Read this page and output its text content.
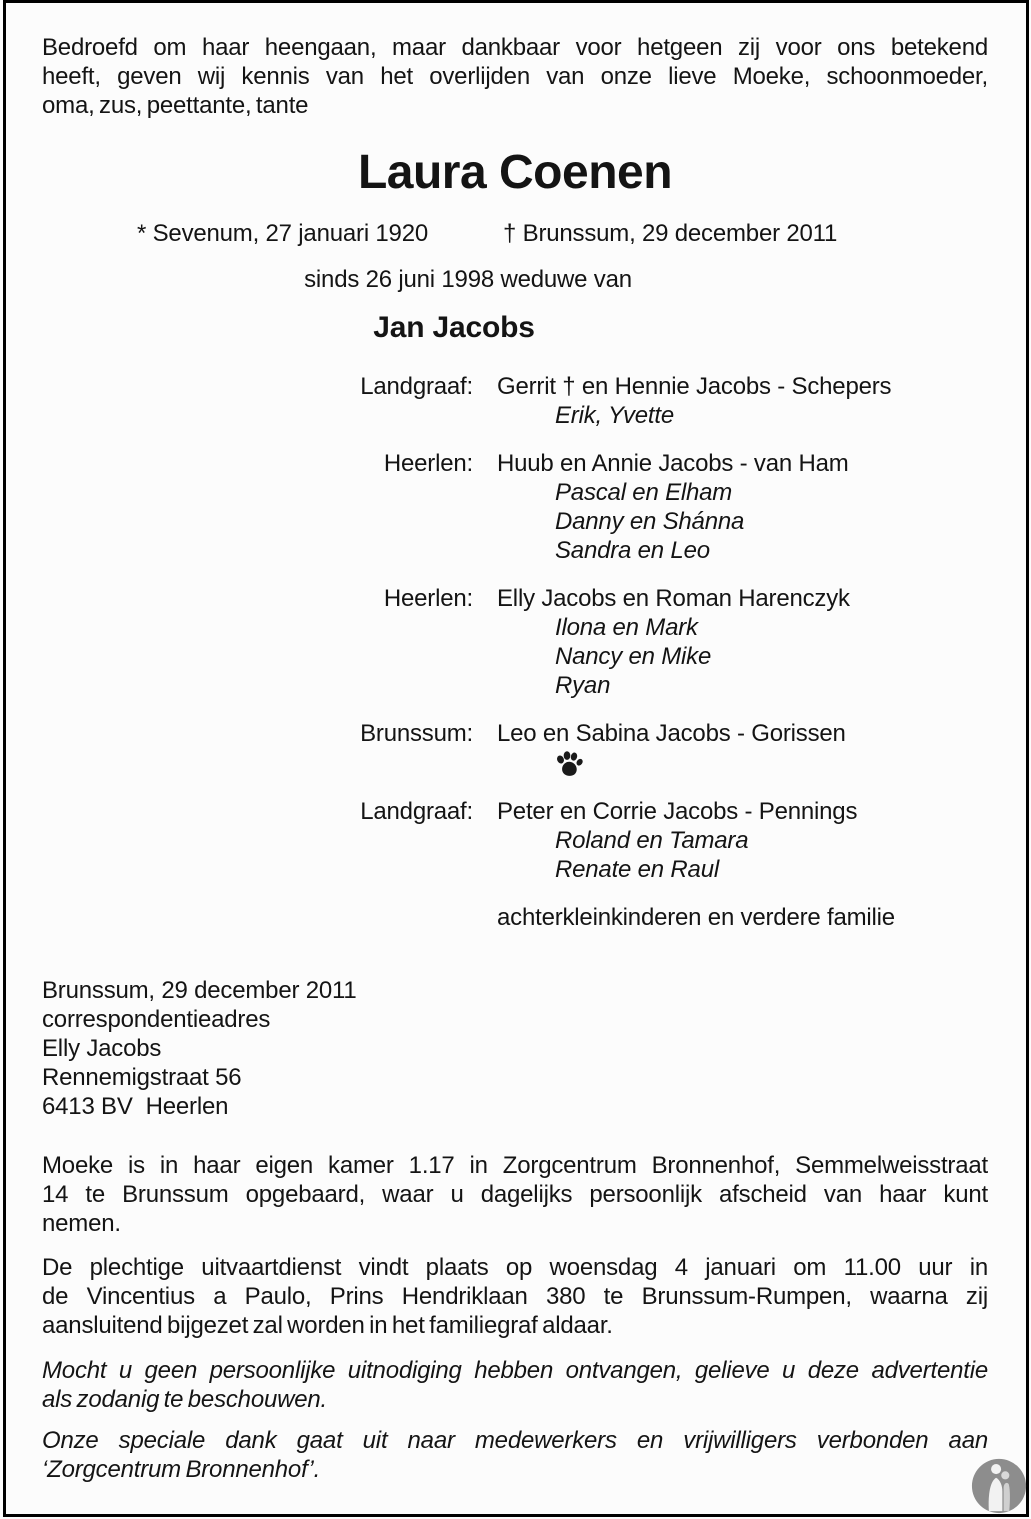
Bedroefd om haar heengaan, maar dankbaar voor hetgeen zij voor ons betekend
heeft, geven wij kennis van het overlijden van onze lieve Moeke, schoonmoeder,
oma, zus, peettante, tante
Laura Coenen
* Sevenum, 27 januari 1920	† Brunssum, 29 december 2011
sinds 26 juni 1998 weduwe van
Jan Jacobs
Landgraaf: Gerrit † en Hennie Jacobs - Schepers
Erik, Yvette
Heerlen: Huub en Annie Jacobs - van Ham
Pascal en Elham
Danny en Shánna
Sandra en Leo
Heerlen: Elly Jacobs en Roman Harenczyk
Ilona en Mark
Nancy en Mike
Ryan
Brunssum: Leo en Sabina Jacobs - Gorissen
Landgraaf: Peter en Corrie Jacobs - Pennings
Roland en Tamara
Renate en Raul
achterkleinkinderen en verdere familie
Brunssum, 29 december 2011
correspondentieadres
Elly Jacobs
Rennemigstraat 56
6413 BV  Heerlen
Moeke is in haar eigen kamer 1.17 in Zorgcentrum Bronnenhof, Semmelweisstraat
14 te Brunssum opgebaard, waar u dagelijks persoonlijk afscheid van haar kunt
nemen.
De plechtige uitvaartdienst vindt plaats op woensdag 4 januari om 11.00 uur in
de Vincentius a Paulo, Prins Hendriklaan 380 te Brunssum-Rumpen, waarna zij
aansluitend bijgezet zal worden in het familiegraf aldaar.
Mocht u geen persoonlijke uitnodiging hebben ontvangen, gelieve u deze advertentie
als zodanig te beschouwen.
Onze speciale dank gaat uit naar medewerkers en vrijwilligers verbonden aan
‘Zorgcentrum Bronnenhof’.
